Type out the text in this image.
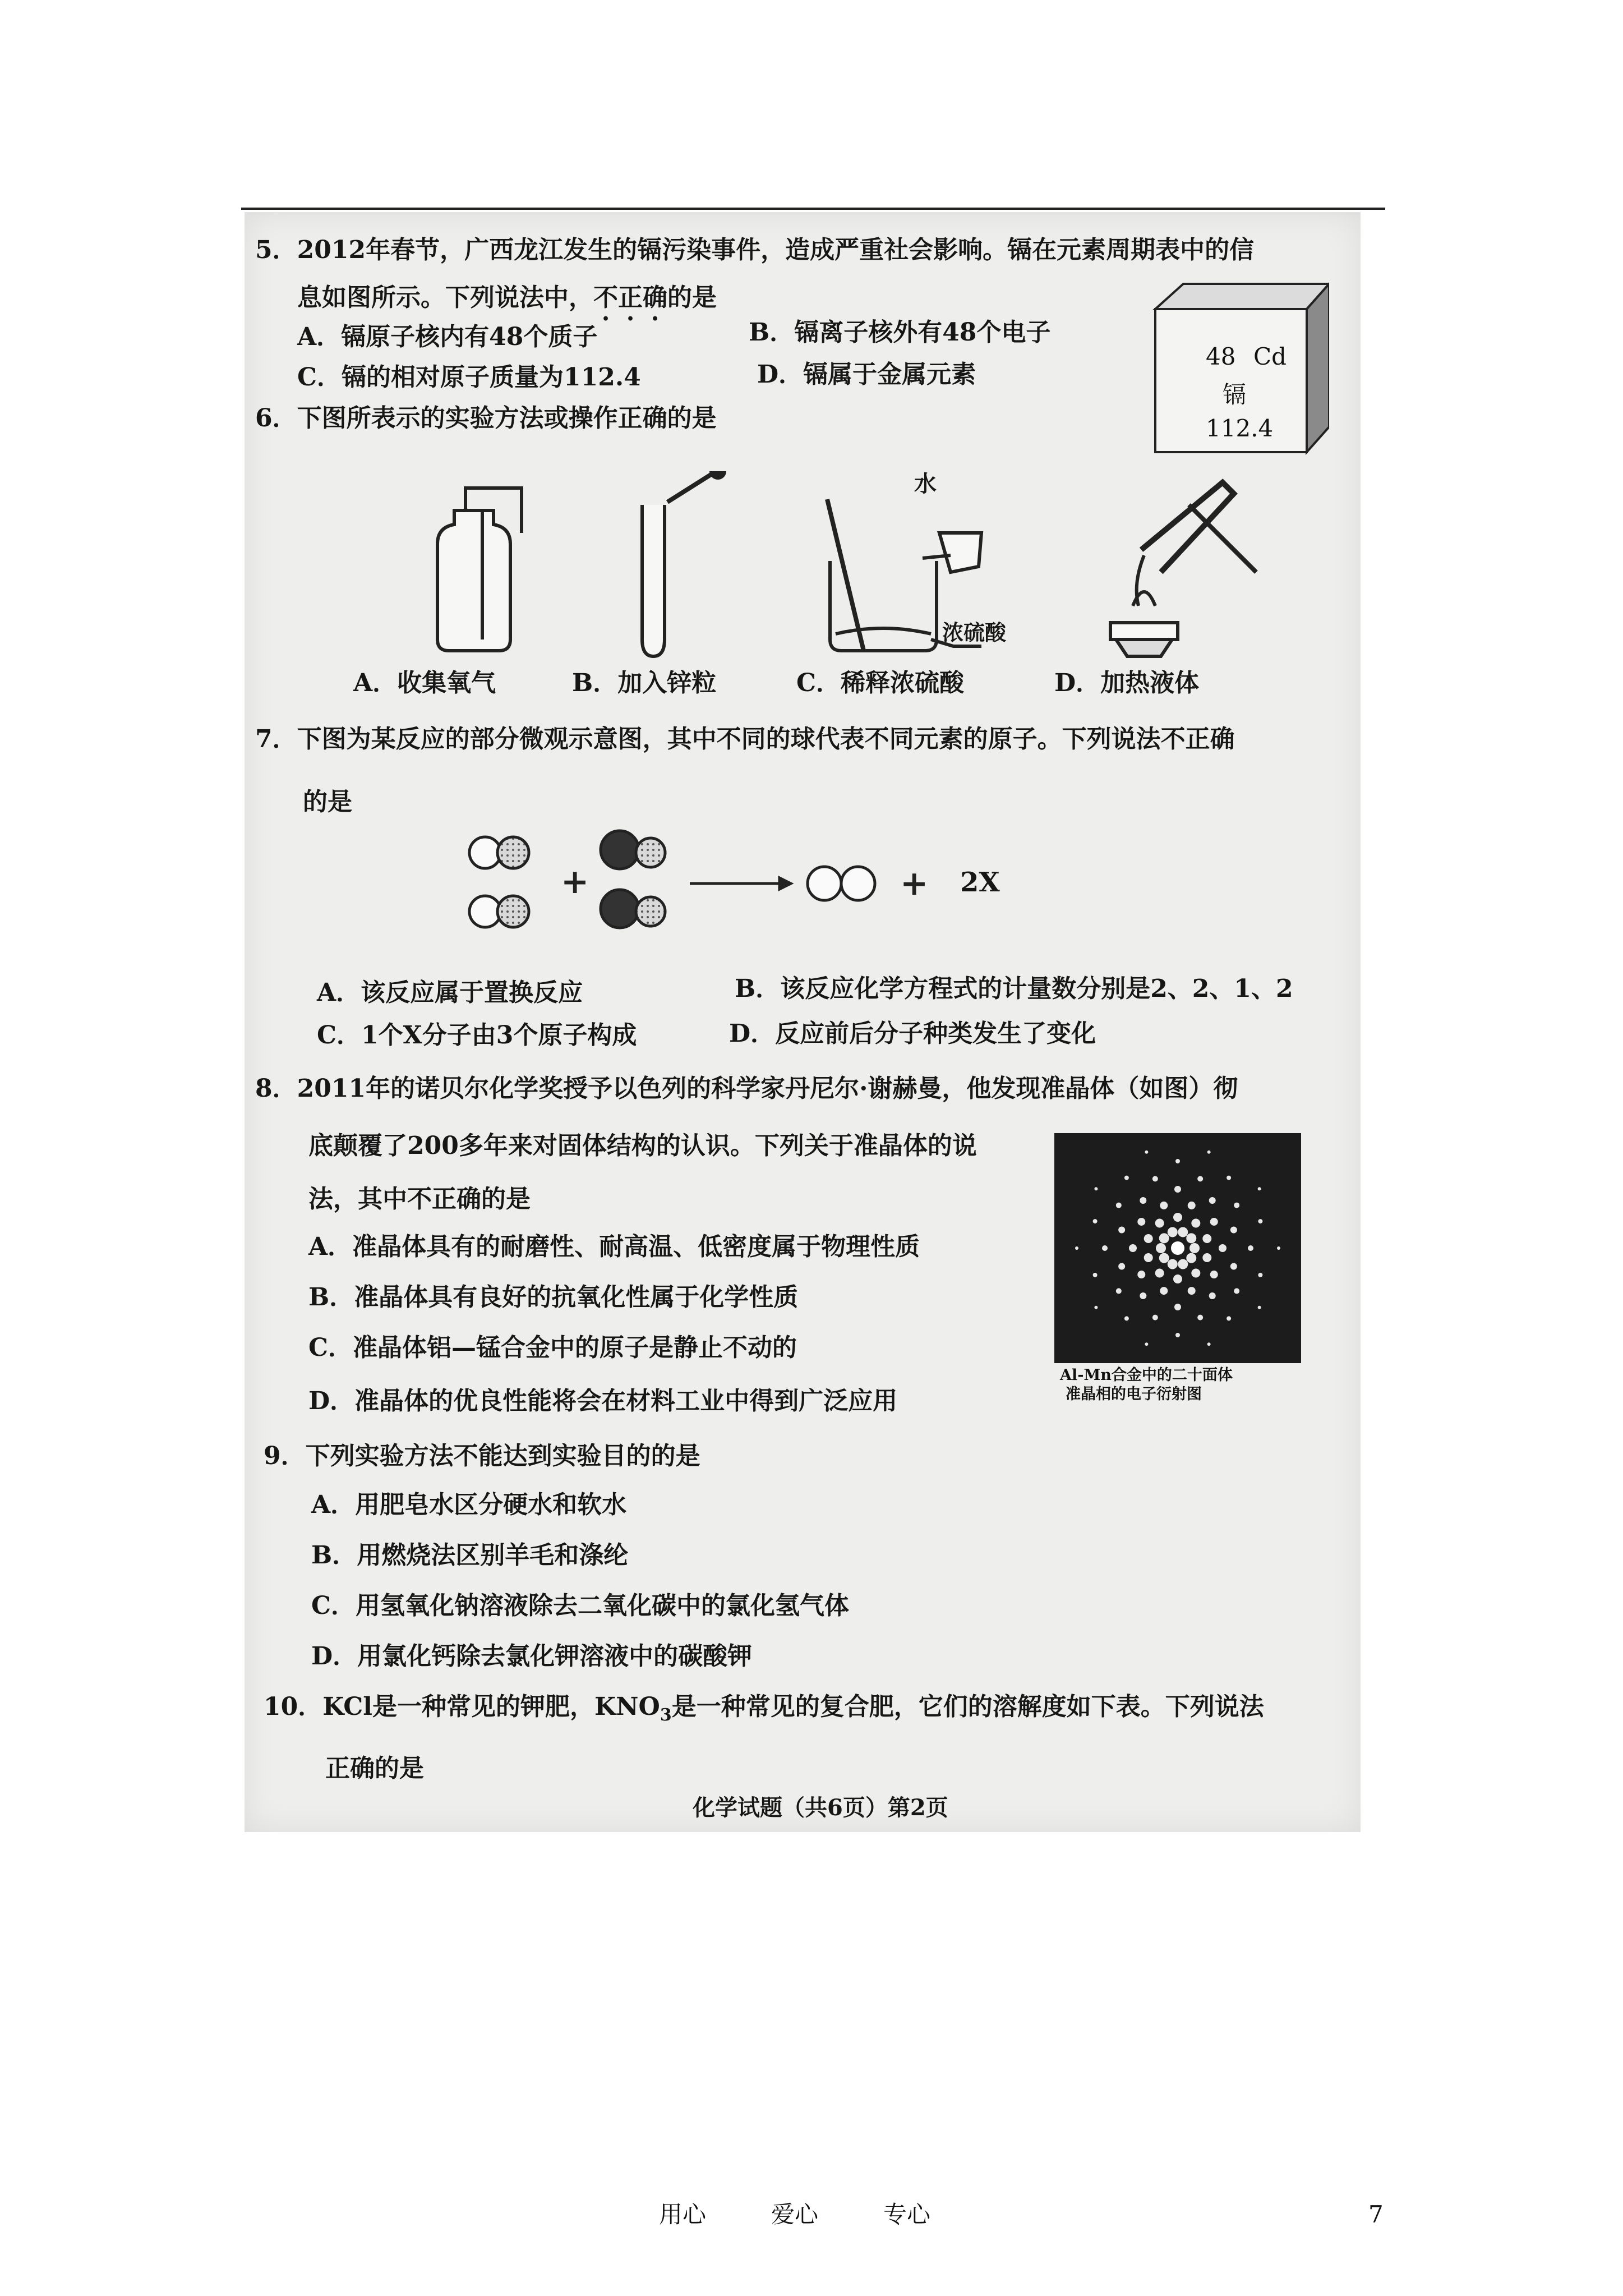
5．2012年春节，广西龙江发生的镉污染事件，造成严重社会影响。镉在元素周期表中的信
息如图所示。下列说法中，不正确的是
A．镉原子核内有48个质子	B．镉离子核外有48个电子
C．镉的相对原子质量为112.4	D．镉属于金属元素
48 Cd
镉
112.4
6．下图所表示的实验方法或操作正确的是
水
浓硫酸
A．收集氧气	B．加入锌粒	C．稀释浓硫酸	D．加热液体
7．下图为某反应的部分微观示意图，其中不同的球代表不同元素的原子。下列说法不正确
的是
+	+ 2X
A．该反应属于置换反应	B．该反应化学方程式的计量数分别是2、2、1、2
C．1个X分子由3个原子构成	D．反应前后分子种类发生了变化
8．2011年的诺贝尔化学奖授予以色列的科学家丹尼尔·谢赫曼，他发现准晶体（如图）彻
底颠覆了200多年来对固体结构的认识。下列关于准晶体的说
法，其中不正确的是
A．准晶体具有的耐磨性、耐高温、低密度属于物理性质
B．准晶体具有良好的抗氧化性属于化学性质
C．准晶体铝—锰合金中的原子是静止不动的
D．准晶体的优良性能将会在材料工业中得到广泛应用
Al-Mn合金中的二十面体
准晶相的电子衍射图
9．下列实验方法不能达到实验目的的是
A．用肥皂水区分硬水和软水
B．用燃烧法区别羊毛和涤纶
C．用氢氧化钠溶液除去二氧化碳中的氯化氢气体
D．用氯化钙除去氯化钾溶液中的碳酸钾
10．KCl是一种常见的钾肥，$KNO_3$是一种常见的复合肥，它们的溶解度如下表。下列说法
正确的是
化学试题（共6页）第2页
用心	爱心	专心	7
